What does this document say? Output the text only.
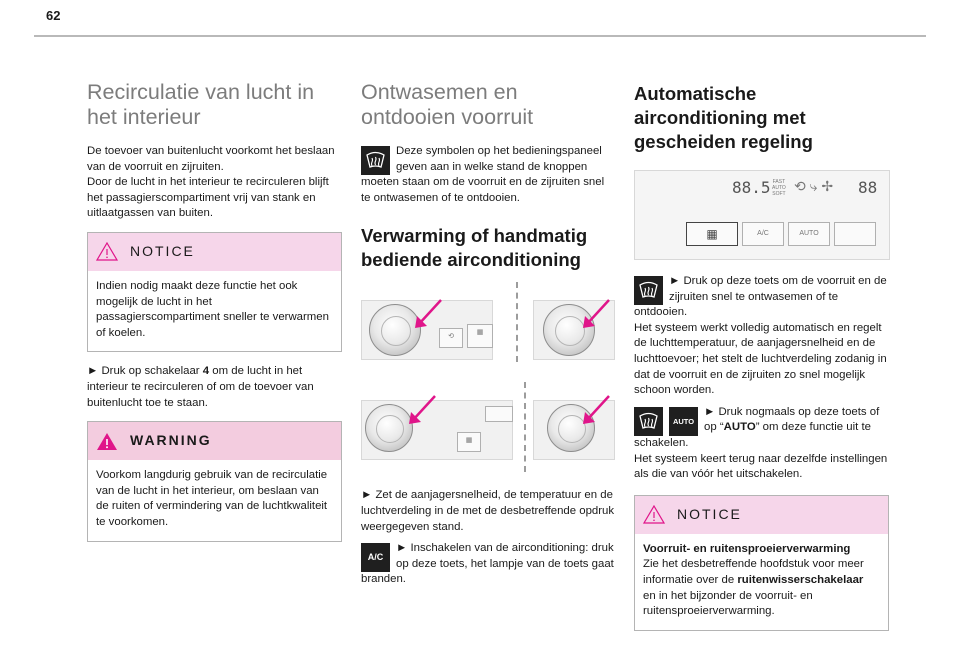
62
Recirculatie van lucht in het interieur

De toevoer van buitenlucht voorkomt het beslaan van de voorruit en zijruiten.
Door de lucht in het interieur te recirculeren blijft het passagierscompartiment vrij van stank en uitlaatgassen van buiten.

NOTICE
Indien nodig maakt deze functie het ook mogelijk de lucht in het passagierscompartiment sneller te verwarmen of koelen.

► Druk op schakelaar 4 om de lucht in het interieur te recirculeren of om de toevoer van buitenlucht toe te staan.

WARNING
Voorkom langdurig gebruik van de recirculatie van de lucht in het interieur, om beslaan van de ruiten of vermindering van de luchtkwaliteit te voorkomen.
Ontwasemen en ontdooien voorruit

Deze symbolen op het bedieningspaneel geven aan in welke stand de knoppen moeten staan om de voorruit en de zijruiten snel te ontwasemen of te ontdooien.

Verwarming of handmatig bediende airconditioning
⟲
▦
▦

► Zet de aanjagersnelheid, de temperatuur en de luchtverdeling in de met de desbetreffende opdruk weergegeven stand.

A/C
► Inschakelen van de airconditioning: druk op deze toets, het lampje van de toets gaat branden.

Automatische airconditioning met gescheiden regeling
88.5 FAST
AUTO
SOFT ⟲ ⤷ ✢ 88
▦	A/C	AUTO

► Druk op deze toets om de voorruit en de zijruiten snel te ontwasemen of te ontdooien.
Het systeem werkt volledig automatisch en regelt de luchttemperatuur, de aanjagersnelheid en de luchttoevoer; het stelt de luchtverdeling zodanig in dat de voorruit en de zijruiten zo snel mogelijk schoon worden.

AUTO
► Druk nogmaals op deze toets of op “AUTO” om deze functie uit te schakelen.
Het systeem keert terug naar dezelfde instellingen als die van vóór het uitschakelen.

NOTICE
Voorruit- en ruitensproeierverwarming
Zie het desbetreffende hoofdstuk voor meer informatie over de ruitenwisserschakelaar en in het bijzonder de voorruit- en ruitensproeierverwarming.
